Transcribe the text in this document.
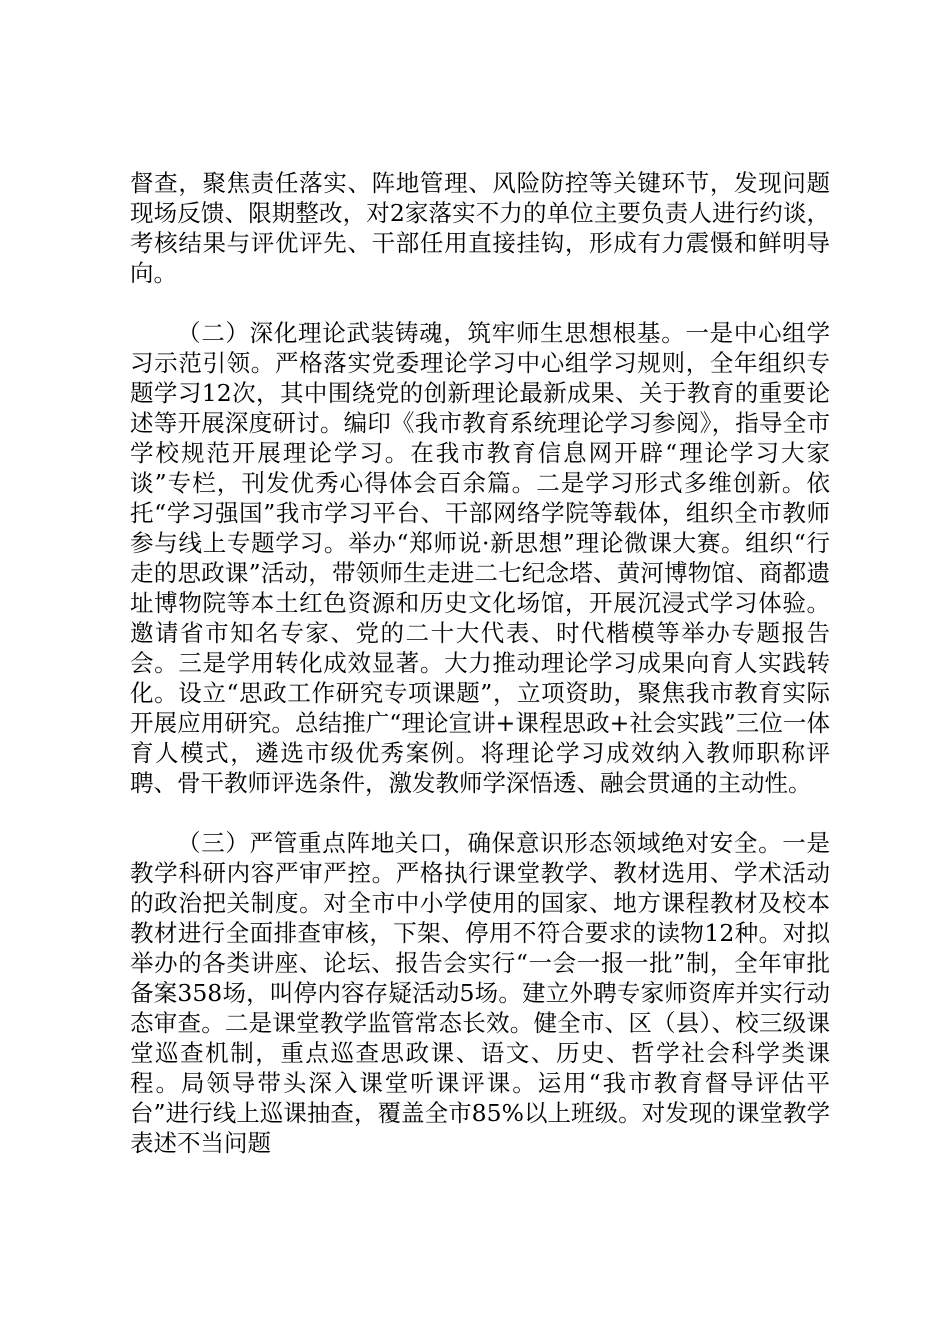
督查，聚焦责任落实、阵地管理、风险防控等关键环节，发现问题现场反馈、限期整改，对2家落实不力的单位主要负责人进行约谈，考核结果与评优评先、干部任用直接挂钩，形成有力震慑和鲜明导向。

（二）深化理论武装铸魂，筑牢师生思想根基。一是中心组学习示范引领。严格落实党委理论学习中心组学习规则，全年组织专题学习12次，其中围绕党的创新理论最新成果、关于教育的重要论述等开展深度研讨。编印《我市教育系统理论学习参阅》，指导全市学校规范开展理论学习。在我市教育信息网开辟“理论学习大家谈”专栏，刊发优秀心得体会百余篇。二是学习形式多维创新。依托“学习强国”我市学习平台、干部网络学院等载体，组织全市教师参与线上专题学习。举办“郑师说·新思想”理论微课大赛。组织“行走的思政课”活动，带领师生走进二七纪念塔、黄河博物馆、商都遗址博物院等本土红色资源和历史文化场馆，开展沉浸式学习体验。邀请省市知名专家、党的二十大代表、时代楷模等举办专题报告会。三是学用转化成效显著。大力推动理论学习成果向育人实践转化。设立“思政工作研究专项课题”，立项资助，聚焦我市教育实际开展应用研究。总结推广“理论宣讲+课程思政+社会实践”三位一体育人模式，遴选市级优秀案例。将理论学习成效纳入教师职称评聘、骨干教师评选条件，激发教师学深悟透、融会贯通的主动性。

（三）严管重点阵地关口，确保意识形态领域绝对安全。一是教学科研内容严审严控。严格执行课堂教学、教材选用、学术活动的政治把关制度。对全市中小学使用的国家、地方课程教材及校本教材进行全面排查审核，下架、停用不符合要求的读物12种。对拟举办的各类讲座、论坛、报告会实行“一会一报一批”制，全年审批备案358场，叫停内容存疑活动5场。建立外聘专家师资库并实行动态审查。二是课堂教学监管常态长效。健全市、区（县）、校三级课堂巡查机制，重点巡查思政课、语文、历史、哲学社会科学类课程。局领导带头深入课堂听课评课。运用“我市教育督导评估平台”进行线上巡课抽查，覆盖全市85%以上班级。对发现的课堂教学表述不当问题
